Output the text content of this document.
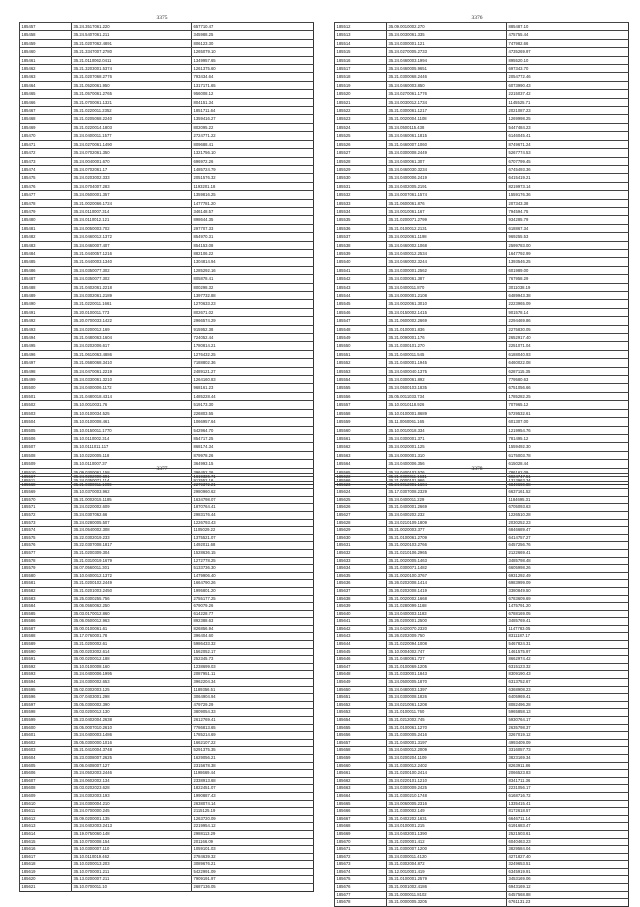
3375
185457	35.24.3517061.220	657710.47
185458	35.24.5407061.211	345988.25
185459	35.21.0207062.4891	806123.30
185460	35.21.3347007.2780	1265079.10
185461	35.21.0110062.0411	1349957.65
185462	35.21.3203001.5374	1261375.60
185463	35.21.0207068.2776	793434.64
185464	35.21.0520061.950	1317171.65
185465	35.21.0570061.2765	956008.12
185466	35.21.0700061.1321	804151.34
185467	35.21.0220011.2352	1851711.64
185468	35.21.0205068.2240	1359416.27
185469	35.21.0220014.1803	802095.22
185470	35.24.0400011.1577	2724771.22
185471	35.24.0270061.1490	809688.41
185472	35.24.0702061.350	1321756.10
185473	35.24.0040001.670	696972.26
185474	35.24.0702061.17	1485724.79
185475	35.24.0203002.333	2051576.32
185476	35.24.0704007.283	1193201.18
185477	35.24.0500001.357	1359816.25
185478	35.21.0020066.1724	1477781.20
185479	35.24.0110007.314	346148.57
185480	35.24.0110012.121	898644.35
185481	35.24.0050003.702	297707.33
185482	35.24.0460012.1372	854970.31
185483	35.24.0460007.407	854153.08
185484	35.21.0440057.1216	882106.22
185485	35.21.0440003.1340	1304814.94
185486	35.24.0350077.302	1285292.16
185487	35.24.0350077.302	805878.41
185488	35.21.0402061.2218	800298.32
185489	35.24.0302061.2189	1397732.88
185490	35.21.0220011.1661	1270633.23
185491	35.20.0100011.773	802671.02
185492	35.20.0700033.1422	2966574.29
185493	35.24.0200012.169	915952.38
185494	35.21.0480063.1604	724052.44
185495	35.24.0202006.617	1780814.21
185496	35.21.0610063.4886	1276432.25
185497	35.21.0580068.3410	7188802.36
185498	35.24.0470061.2219	2489121.27
185499	35.24.0330061.3210	1264160.83
185500	35.24.0400006.1172	968161.23
185501	35.21.0480018.4314	1485228.44
185502	35.10.0010031.76	519173.30
185503	35.10.0100034.525	226803.55
185504	35.10.0100008.461	1066957.64
185505	35.10.0150011.1770	542964.70
185506	35.10.0110002.314	854717.25
185507	35.10.0111011.117	868174.34
185508	35.10.0220005.118	879978.26
185509	35.10.0110007.37	364993.15
185510	35.09.0300061.158	396452.26
185511	35.24.0350071.114	912552.16
3376
185512	35.09.0010002.270	885487.10
185513	35.24.0030061.335	475755.44
185514	35.24.0300001.121	747982.66
185515	35.24.0270005.2733	4735269.97
185516	35.24.0460003.1994	895520.10
185517	35.24.0460005.9651	697343.70
185518	35.21.0300068.2446	2054772.46
185519	35.24.0460003.850	6073990.43
185520	35.24.0270061.1776	2215037.42
185521	35.24.0030012.1734	1145525.71
185522	35.21.0300061.1217	2021087.23
185523	35.21.0020004.1108	1269998.25
185524	35.24.0500115.438	5447484.23
185525	35.24.0460061.1815	6146045.41
185526	35.21.0460007.1060	8749671.24
185527	35.24.0300008.2449	5267774.53
185528	35.24.0400061.307	6707799.45
185529	35.24.0460030.3234	6745493.36
185530	35.24.0400006.2419	6415419.21
185531	35.24.0402005.2191	8219973.14
185532	35.24.0007061.1574	1559176.36
185533	35.21.0600061.876	207343.38
185534	35.24.0010061.167	794594.75
185535	35.21.0200071.2799	934285.79
185536	35.21.0100012.2131	618867.34
185537	35.24.0020061.1198	969255.53
185538	35.24.0460002.1068	2599783.00
185539	35.24.0400012.2534	1647792.99
185540	35.24.0460002.3244	1393546.25
185541	35.24.0300001.2562	601989.00
185542	35.24.0300061.387	767958.29
185543	35.24.0400011.870	3011038.19
185544	35.24.0000001.2108	6489943.38
185545	35.24.0020061.3010	2223965.09
185546	35.24.0150002.1415	901578.14
185547	35.21.0600002.2669	2294469.86
185548	35.21.0100001.836	2275830.05
185549	35.21.0090001.176	2652917.40
185550	35.21.0300101.270	2251071.04
185551	35.21.0400011.545	6188040.93
185552	35.21.0400001.1945	6460022.08
185553	35.24.0400040.1375	6287115.35
185554	35.24.0300061.892	779580.63
185555	35.24.0500103.1835	6751056.66
185556	35.05.0011033.734	1785282.25
185557	35.10.0010118.926	707965.12
185558	35.10.0100001.8689	5729532.61
185559	35.11.0060061.165	601307.00
185560	35.10.0010018.334	1219954.76
185561	35.24.0300001.371	781495.12
185562	35.24.0020001.125	1559492.30
185563	35.24.0000001.310	6175003.78
185564	35.24.0400006.356	615028.44
185565	35.24.0400103.576	786162.09
185566	35.21.0000101.966	1313963.34
3377
185567	35.24.0202000.691	1619326.71
185568	35.21.0300011.1099	2279372.21
185569	35.10.0370003.962	2980960.62
185570	35.21.0002015.1185	1634798.07
185571	35.24.0220002.609	1870764.41
185572	35.24.0307062.66	2983176.44
185573	35.24.0280005.507	1226793.43
185574	35.24.0540002.308	1105029.22
185575	35.22.0302019.233	1375521.07
185576	35.22.0307008.1817	1492011.68
185577	35.21.0200309.304	1528636.15
185578	35.21.0310019.1679	1272778.25
185579	36.07.0560011.301	5133736.30
185580	35.10.0400012.1372	1479906.40
185581	35.21.0200102.2449	1664790.26
185582	35.21.0201003.2450	1995801.20
185583	35.25.0300255.756	2755177.25
185584	35.06.0560062.250	679079.26
185585	35.03.0170012.860	614228.77
185586	35.06.0500012.963	892388.63
185587	35.00.0100061.61	826856.94
185588	35.17.0760001.78	396404.60
185589	35.21.0200002.61	5986433.32
185590	35.00.0203002.614	1562052.17
185591	35.00.0200012.188	252345.73
185592	35.10.0100008.160	1238699.03
185593	35.24.0400006.1995	2087951.11
185594	35.24.0300002.653	3962204.34
185595	35.02.0302003.125	1189356.51
185596	35.07.0403001.298	3064904.94
185597	35.05.0300002.390	479729.29
185598	35.03.0200012.130	3809054.33
185599	35.23.0402004.2638	2612769.41
185600	35.05.0007010.2610	7786813.65
185601	35.24.0400003.1486	1785214.69
185602	35.05.0300000.1016	1662107.22
185603	35.21.0410004.3748	5291375.35
185604	35.23.0308007.2625	1629056.21
185605	35.06.0408007.127	2315678.38
185606	35.24.0502003.2446	1198669.44
185607	35.24.0602002.134	2338913.68
185608	35.03.0202023.628	1822451.07
185609	35.24.0302003.193	1990887.43
185610	35.24.0300004.210	2638074.14
185611	35.24.0700000.245	2115125.19
185612	35.09.0200001.135	1263720.09
185613	35.24.0402003.2413	2219954.12
185614	35.19.0750060.148	2988113.29
185615	35.10.0700008.154	201166.09
185616	35.10.0300007.110	1059101.03
185617	35.10.0110019.462	2784639.32
185618	35.10.0200013.203	3089676.21
185619	35.10.0700001.211	5422991.09
185620	35.13.0200007.211	7909191.97
185621	35.10.0700011.10	2687136.05
3378
185622	35.21.0300011.1631	6924747.51
185623	35.24.0012001.1604	6849690.88
185624	35.17.0307008.2329	6637161.52
185625	35.24.0400011.229	1184695.31
185626	35.21.0400001.2669	6705093.63
185627	35.24.0400202.232	1226510.28
185628	35.24.0210109.1809	2030252.23
185629	35.21.0020003.377	6846689.47
185630	35.21.0100061.2709	6414757.27
185631	35.21.0020103.2766	6457256.76
185632	35.21.0210106.2965	2122669.41
185633	35.21.0020005.1463	3485798.48
185634	35.21.0300071.1482	6605998.26
185635	35.21.0020100.3767	6931292.49
185636	35.26.0202008.1414	6983999.09
185637	35.26.0202008.1419	3380849.50
185638	35.21.0020002.1668	6783609.69
185639	35.21.0280099.1168	1475791.20
185640	35.24.0400003.1183	6788169.05
185641	35.26.0200001.2500	3485769.41
185642	35.24.0420070.2320	1147783.05
185643	35.26.0202009.750	8311187.17
185644	35.21.0220094.1008	5467824.31
185645	35.10.0004002.747	1461575.97
185646	35.21.0480061.727	8662974.42
185647	35.21.0100069.1205	6315123.32
185648	35.21.0330001.1843	8309190.43
185649	35.24.0500005.1870	6313752.67
185650	35.24.0480003.1397	6368908.23
185651	35.24.0300008.1826	6405969.41
185652	35.24.0210061.1208	8082496.28
185653	35.21.0100011.760	5965858.13
185654	35.21.0212002.745	5930764.17
185655	35.21.0100061.1270	2635798.37
185656	35.21.0300005.2416	3267019.12
185657	35.21.0400001.3197	4993409.09
185658	35.24.0400012.2009	3316057.73
185659	35.24.0200204.1109	3823169.34
185660	35.21.0300012.2402	8263911.86
185661	35.21.0200100.2414	2066523.83
185662	35.24.0220101.1210	8341711.36
185663	35.24.0300009.2425	2231056.17
185664	35.21.0300210.1748	6168716.72
185665	35.24.0060005.2316	1335415.41
185666	35.21.0300002.149	8172618.57
185667	35.21.0402202.1631	6646711.14
185668	35.24.0100001.215	6191683.47
185669	35.24.0402001.1390	2521503.61
185670	35.21.0200001.412	6040463.23
185671	35.21.0300007.1200	3829584.04
185672	35.24.0300011.4120	4271827.40
185673	35.21.0302004.872	3249653.51
185674	35.12.0010001.419	6345919.91
185675	35.21.0100001.2579	3453169.06
185676	35.21.0001002.4186	6943169.12
185677	35.21.0000011.8102	6457568.88
185678	35.21.0000005.3205	6761131.23
